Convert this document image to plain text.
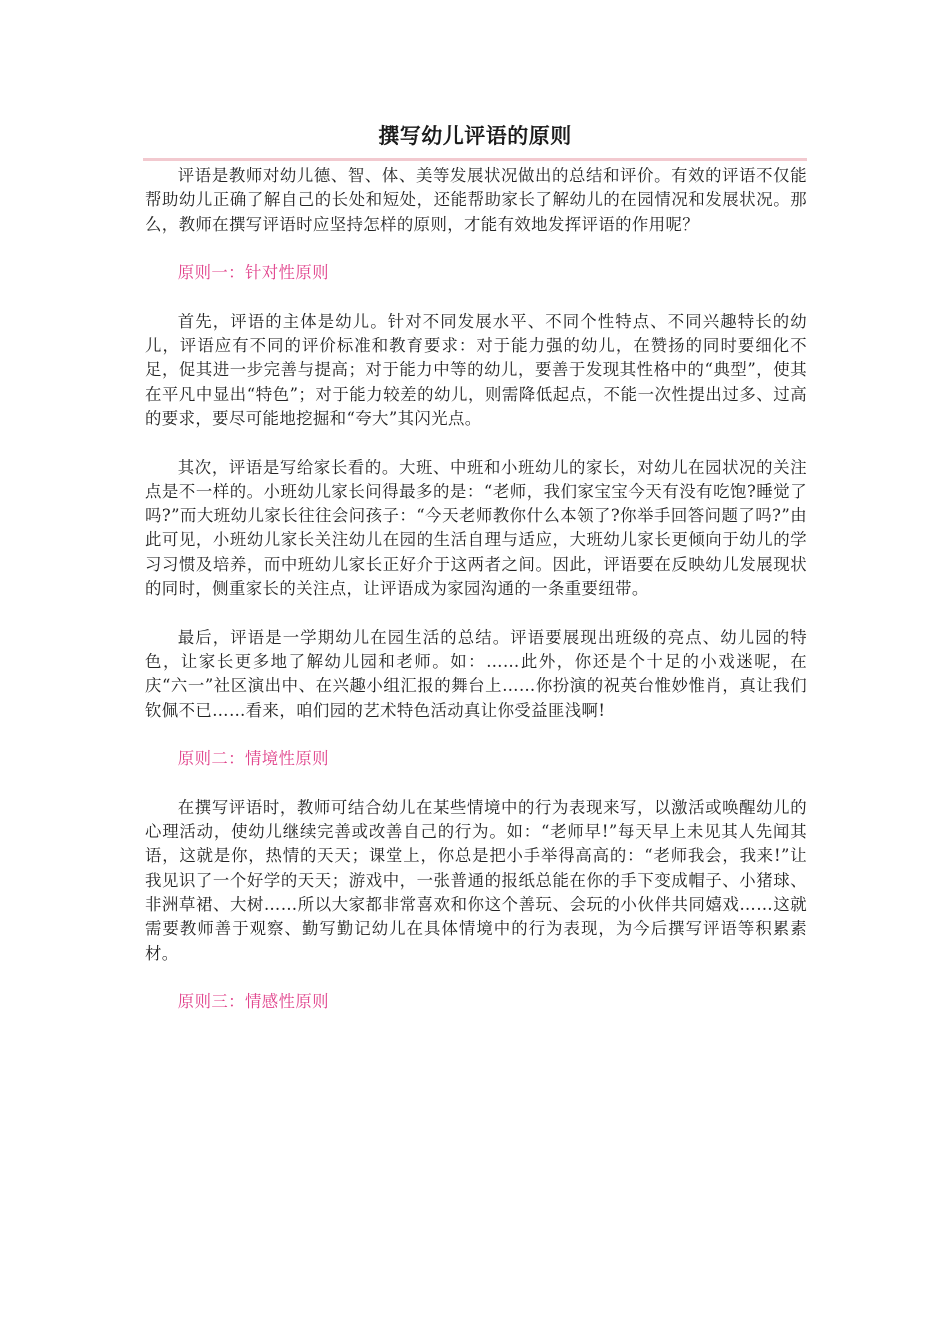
撰写幼儿评语的原则

评语是教师对幼儿德、智、体、美等发展状况做出的总结和评价。有效的评语不仅能帮助幼儿正确了解自己的长处和短处，还能帮助家长了解幼儿的在园情况和发展状况。那么，教师在撰写评语时应坚持怎样的原则，才能有效地发挥评语的作用呢？

原则一：针对性原则

首先，评语的主体是幼儿。针对不同发展水平、不同个性特点、不同兴趣特长的幼儿，评语应有不同的评价标准和教育要求：对于能力强的幼儿，在赞扬的同时要细化不足，促其进一步完善与提高；对于能力中等的幼儿，要善于发现其性格中的“典型”，使其在平凡中显出“特色”；对于能力较差的幼儿，则需降低起点，不能一次性提出过多、过高的要求，要尽可能地挖掘和“夸大”其闪光点。

其次，评语是写给家长看的。大班、中班和小班幼儿的家长，对幼儿在园状况的关注点是不一样的。小班幼儿家长问得最多的是：“老师，我们家宝宝今天有没有吃饱?睡觉了吗?”而大班幼儿家长往往会问孩子：“今天老师教你什么本领了?你举手回答问题了吗?”由此可见，小班幼儿家长关注幼儿在园的生活自理与适应，大班幼儿家长更倾向于幼儿的学习习惯及培养，而中班幼儿家长正好介于这两者之间。因此，评语要在反映幼儿发展现状的同时，侧重家长的关注点，让评语成为家园沟通的一条重要纽带。

最后，评语是一学期幼儿在园生活的总结。评语要展现出班级的亮点、幼儿园的特色，让家长更多地了解幼儿园和老师。如：……此外，你还是个十足的小戏迷呢，在庆“六一”社区演出中、在兴趣小组汇报的舞台上……你扮演的祝英台惟妙惟肖，真让我们钦佩不已……看来，咱们园的艺术特色活动真让你受益匪浅啊!

原则二：情境性原则

在撰写评语时，教师可结合幼儿在某些情境中的行为表现来写，以激活或唤醒幼儿的心理活动，使幼儿继续完善或改善自己的行为。如：“老师早!”每天早上未见其人先闻其语，这就是你，热情的天天；课堂上，你总是把小手举得高高的：“老师我会，我来!”让我见识了一个好学的天天；游戏中，一张普通的报纸总能在你的手下变成帽子、小猪球、非洲草裙、大树……所以大家都非常喜欢和你这个善玩、会玩的小伙伴共同嬉戏……这就需要教师善于观察、勤写勤记幼儿在具体情境中的行为表现，为今后撰写评语等积累素材。

原则三：情感性原则
